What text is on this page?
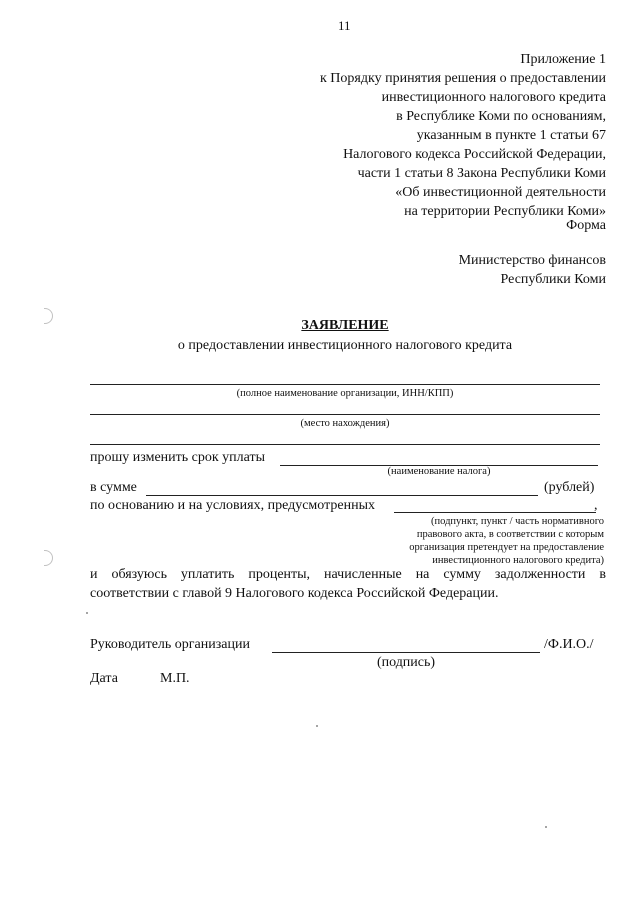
11
Приложение 1
к Порядку принятия решения о предоставлении
инвестиционного налогового кредита
в Республике Коми по основаниям,
указанным в пункте 1 статьи 67
Налогового кодекса Российской Федерации,
части 1 статьи 8 Закона Республики Коми
«Об инвестиционной деятельности
на территории Республики Коми»
Форма
Министерство финансов
Республики Коми
ЗАЯВЛЕНИЕ
о предоставлении инвестиционного налогового кредита
(полное наименование организации, ИНН/КПП)
(место нахождения)
прошу изменить срок уплаты
(наименование налога)
в сумме	(рублей)
по основанию и на условиях, предусмотренных	,
(подпункт, пункт / часть нормативного
правового акта, в соответствии с которым
организация претендует на предоставление
инвестиционного налогового кредита)
и обязуюсь уплатить проценты, начисленные на сумму задолженности в
соответствии с главой 9 Налогового кодекса Российской Федерации.
Руководитель организации	/Ф.И.О./
(подпись)
Дата	М.П.
